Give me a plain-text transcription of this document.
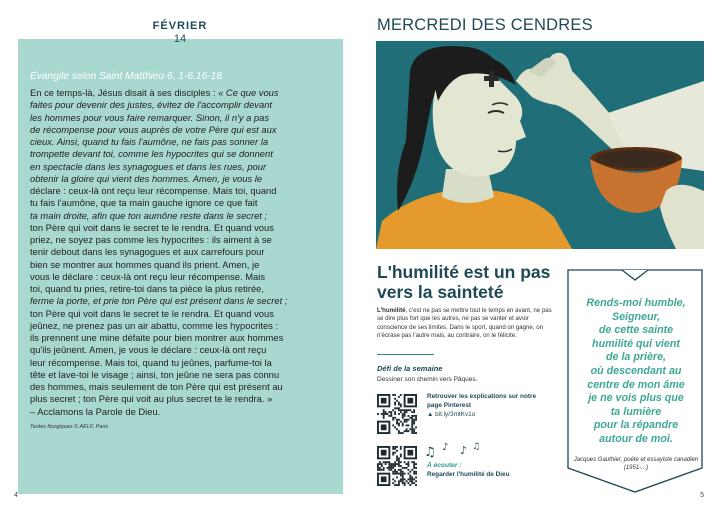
FÉVRIER
14
Évangile selon Saint Matthieu 6, 1-6.16-18
En ce temps-là, Jésus disait à ses disciples : « Ce que vous
faites pour devenir des justes, évitez de l'accomplir devant
les hommes pour vous faire remarquer. Sinon, il n'y a pas
de récompense pour vous auprès de votre Père qui est aux
cieux. Ainsi, quand tu fais l'aumône, ne fais pas sonner la
trompette devant toi, comme les hypocrites qui se donnent
en spectacle dans les synagogues et dans les rues, pour
obtenir la gloire qui vient des hommes. Amen, je vous le
déclare : ceux-là ont reçu leur récompense. Mais toi, quand
tu fais l'aumône, que ta main gauche ignore ce que fait
ta main droite, afin que ton aumône reste dans le secret ;
ton Père qui voit dans le secret te le rendra. Et quand vous
priez, ne soyez pas comme les hypocrites : ils aiment à se
tenir debout dans les synagogues et aux carrefours pour
bien se montrer aux hommes quand ils prient. Amen, je
vous le déclare : ceux-là ont reçu leur récompense. Mais
toi, quand tu pries, retire-toi dans ta pièce la plus retirée,
ferme la porte, et prie ton Père qui est présent dans le secret ;
ton Père qui voit dans le secret te le rendra. Et quand vous
jeûnez, ne prenez pas un air abattu, comme les hypocrites :
ils prennent une mine défaite pour bien montrer aux hommes
qu'ils jeûnent. Amen, je vous le déclare : ceux-là ont reçu
leur récompense. Mais toi, quand tu jeûnes, parfume-toi la
tête et lave-toi le visage ; ainsi, ton jeûne ne sera pas connu
des hommes, mais seulement de ton Père qui est présent au
plus secret ; ton Père qui voit au plus secret te le rendra. »
– Acclamons la Parole de Dieu.
Textes liturgiques © AELF, Paris
4
MERCREDI DES CENDRES
L'humilité est un pas vers la sainteté
L'humilité, c'est ne pas se mettre tout le temps en avant, ne pas se dire plus fort que les autres, ne pas se vanter et avoir conscience de ses limites. Dans le sport, quand on gagne, on n'écrase pas l'autre mais, au contraire, on le félicite.
Défi de la semaine
Dessiner son chemin vers Pâques.
Retrouver les explications sur notre page Pinterest
▲ bit.ly/3mtKv1o
♫ ♪ ♪ ♫
À écouter :
Regarder l'humilité de Dieu
Rends-moi humble,
Seigneur,
de cette sainte
humilité qui vient
de la prière,
où descendant au
centre de mon âme
je ne vois plus que
ta lumière
pour la répandre
autour de moi.
Jacques Gauthier, poète et essayiste canadien (1951-...)
5
